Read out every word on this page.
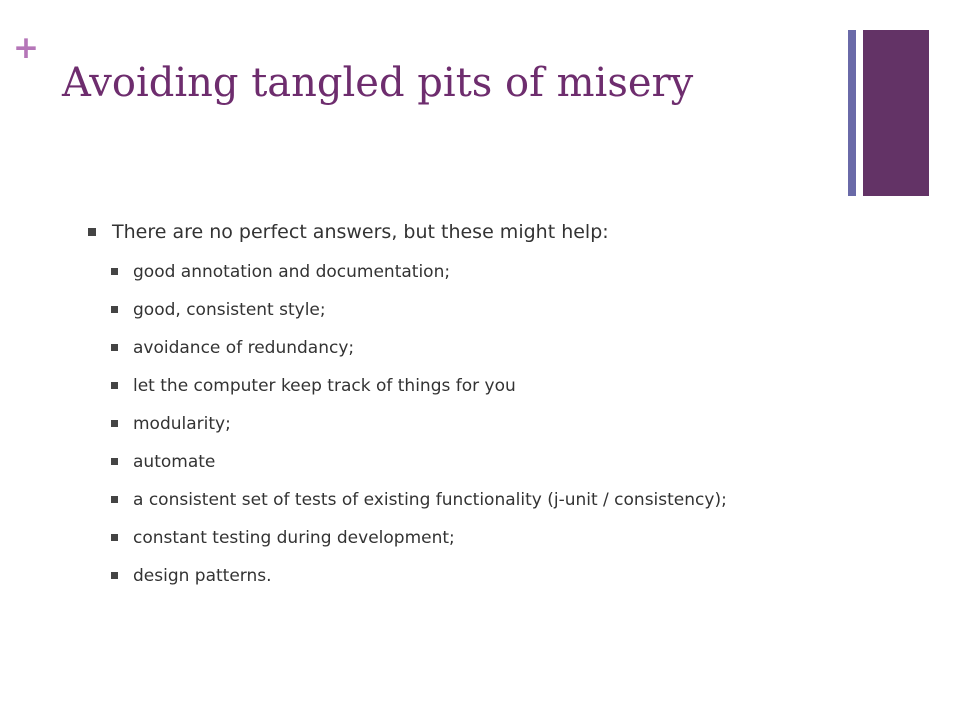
+
Avoiding tangled pits of misery
There are no perfect answers, but these might help:
good annotation and documentation;
good, consistent style;
avoidance of redundancy;
let the computer keep track of things for you
modularity;
automate
a consistent set of tests of existing functionality (j-unit / consistency);
constant testing during development;
design patterns.
